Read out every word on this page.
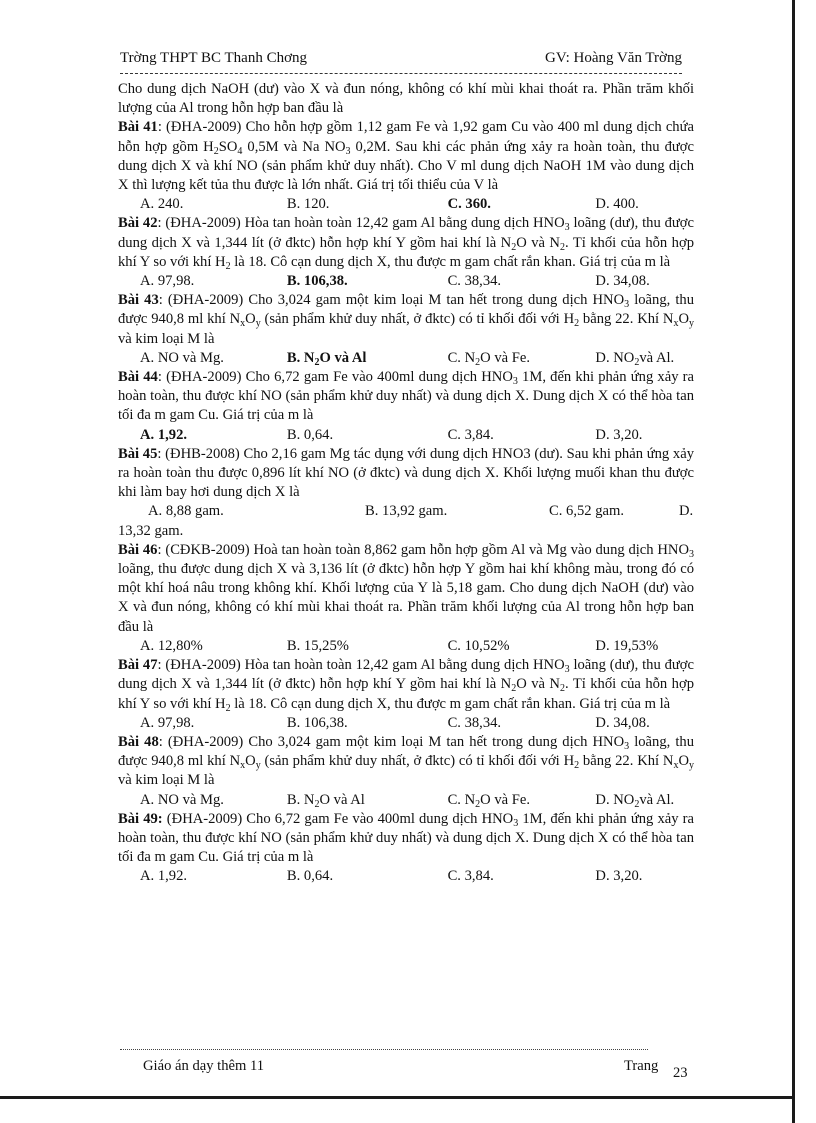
Trờng THPT BC Thanh Chơng	GV: Hoàng Văn Trờng

Cho dung dịch NaOH (dư) vào X và đun nóng, không có khí mùi khai thoát ra. Phần trăm khối lượng của Al trong hỗn hợp ban đầu là

Bài 41: (ĐHA-2009) Cho hỗn hợp gồm 1,12 gam Fe và 1,92 gam Cu vào 400 ml dung dịch chứa hỗn hợp gồm $H_2SO_4$ 0,5M và Na $NO_3$ 0,2M. Sau khi các phản ứng xảy ra hoàn toàn, thu được dung dịch X và khí NO (sản phẩm khử duy nhất). Cho V ml dung dịch NaOH 1M vào dung dịch X thì lượng kết tủa thu được là lớn nhất. Giá trị tối thiểu của V là

A. 240.	B. 120.	C. 360.	D. 400.

Bài 42: (ĐHA-2009) Hòa tan hoàn toàn 12,42 gam Al bằng dung dịch $HNO_3$ loãng (dư), thu được dung dịch X và 1,344 lít (ở đktc) hỗn hợp khí Y gồm hai khí là $N_2O$ và $N_2$. Tỉ khối của hỗn hợp khí Y so với khí $H_2$ là 18. Cô cạn dung dịch X, thu được m gam chất rắn khan. Giá trị của m là

A. 97,98.	B. 106,38.	C. 38,34.	D. 34,08.

Bài 43: (ĐHA-2009) Cho 3,024 gam một kim loại M tan hết trong dung dịch $HNO_3$ loãng, thu được 940,8 ml khí $N_xO_y$ (sản phẩm khử duy nhất, ở đktc) có tỉ khối đối với $H_2$ bằng 22. Khí $N_xO_y$ và kim loại M là

A. NO và Mg.	B. $N_2O$ và Al	C. $N_2O$ và Fe.	D. $NO_2và$ Al.

Bài 44: (ĐHA-2009) Cho 6,72 gam Fe vào 400ml dung dịch $HNO_3$ 1M, đến khi phản ứng xảy ra hoàn toàn, thu được khí NO (sản phẩm khử duy nhất) và dung dịch X. Dung dịch X có thể hòa tan tối đa m gam Cu. Giá trị của m là

A. 1,92.	B. 0,64.	C. 3,84.	D. 3,20.

Bài 45: (ĐHB-2008) Cho 2,16 gam Mg tác dụng với dung dịch HNO3 (dư). Sau khi phản ứng xảy ra hoàn toàn thu được 0,896 lít khí NO (ở đktc) và dung dịch X. Khối lượng muối khan thu được khi làm bay hơi dung dịch X là

A. 8,88 gam.	B. 13,92 gam.	C. 6,52 gam.	D.

13,32 gam.

Bài 46: (CĐKB-2009) Hoà tan hoàn toàn 8,862 gam hỗn hợp gồm Al và Mg vào dung dịch $HNO_3$ loãng, thu được dung dịch X và 3,136 lít (ở đktc) hỗn hợp Y gồm hai khí không màu, trong đó có một khí hoá nâu trong không khí. Khối lượng của Y là 5,18 gam. Cho dung dịch NaOH (dư) vào X và đun nóng, không có khí mùi khai thoát ra. Phần trăm khối lượng của Al trong hỗn hợp ban đầu là

A. 12,80%	B. 15,25%	C. 10,52%	D. 19,53%

Bài 47: (ĐHA-2009) Hòa tan hoàn toàn 12,42 gam Al bằng dung dịch $HNO_3$ loãng (dư), thu được dung dịch X và 1,344 lít (ở đktc) hỗn hợp khí Y gồm hai khí là $N_2O$ và $N_2$. Tỉ khối của hỗn hợp khí Y so với khí $H_2$ là 18. Cô cạn dung dịch X, thu được m gam chất rắn khan. Giá trị của m là

A. 97,98.	B. 106,38.	C. 38,34.	D. 34,08.

Bài 48: (ĐHA-2009) Cho 3,024 gam một kim loại M tan hết trong dung dịch $HNO_3$ loãng, thu được 940,8 ml khí $N_xO_y$ (sản phẩm khử duy nhất, ở đktc) có tỉ khối đối với $H_2$ bằng 22. Khí $N_xO_y$ và kim loại M là

A. NO và Mg.	B. $N_2O$ và Al	C. $N_2O$ và Fe.	D. $NO_2và$ Al.

Bài 49: (ĐHA-2009) Cho 6,72 gam Fe vào 400ml dung dịch $HNO_3$ 1M, đến khi phản ứng xảy ra hoàn toàn, thu được khí NO (sản phẩm khử duy nhất) và dung dịch X. Dung dịch X có thể hòa tan tối đa m gam Cu. Giá trị của m là

A. 1,92.	B. 0,64.	C. 3,84.	D. 3,20.
Giáo án dạy thêm 11	Trang 23
